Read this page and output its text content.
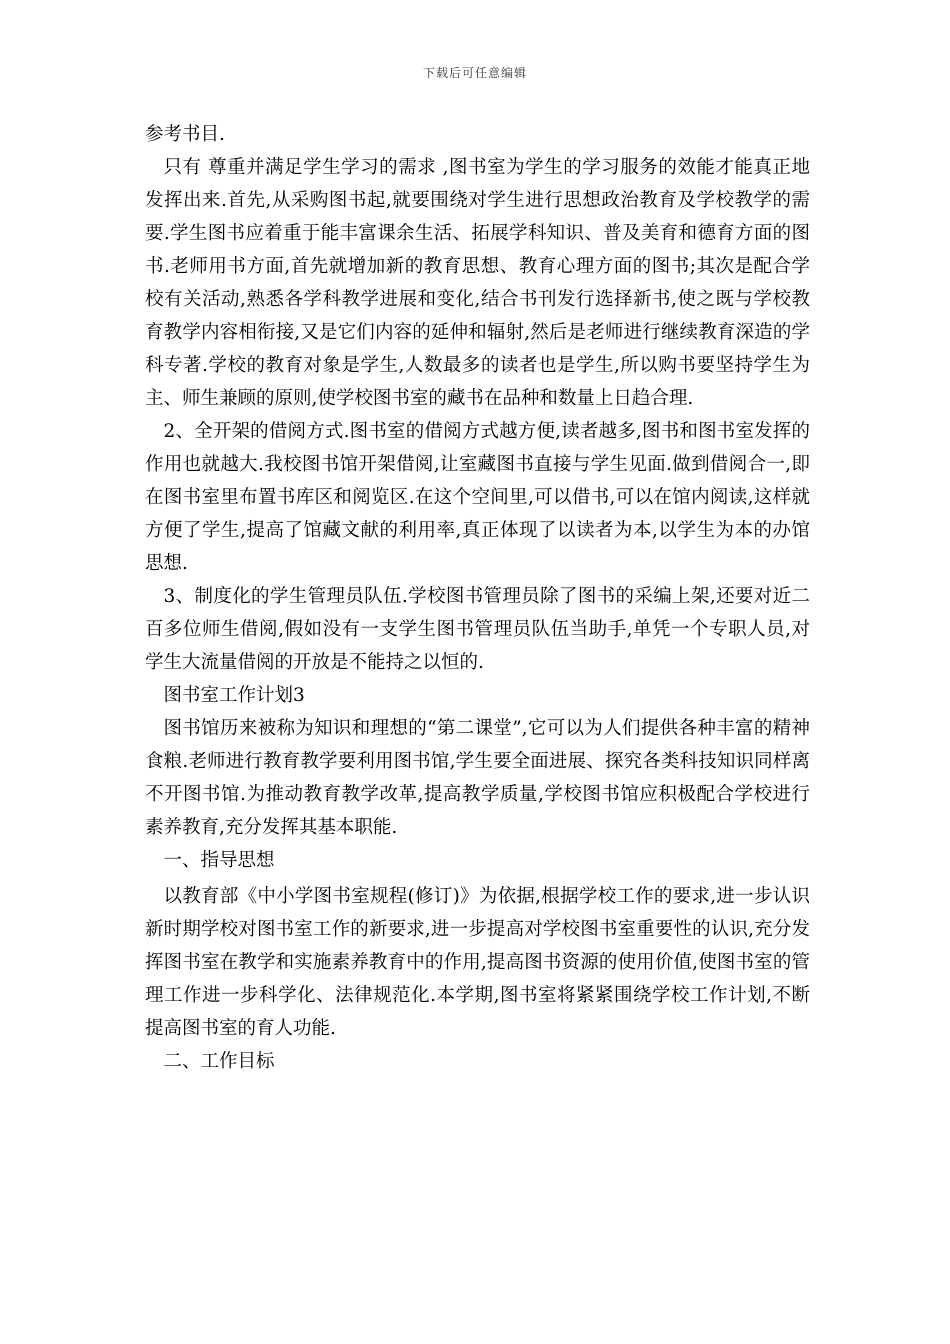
下载后可任意编辑

参考书目.

只有 尊重并满足学生学习的需求 ,图书室为学生的学习服务的效能才能真正地发挥出来.首先,从采购图书起,就要围绕对学生进行思想政治教育及学校教学的需要.学生图书应着重于能丰富课余生活、拓展学科知识、普及美育和德育方面的图书.老师用书方面,首先就增加新的教育思想、教育心理方面的图书;其次是配合学校有关活动,熟悉各学科教学进展和变化,结合书刊发行选择新书,使之既与学校教育教学内容相衔接,又是它们内容的延伸和辐射,然后是老师进行继续教育深造的学科专著.学校的教育对象是学生,人数最多的读者也是学生,所以购书要坚持学生为主、师生兼顾的原则,使学校图书室的藏书在品种和数量上日趋合理.

2、全开架的借阅方式.图书室的借阅方式越方便,读者越多,图书和图书室发挥的作用也就越大.我校图书馆开架借阅,让室藏图书直接与学生见面.做到借阅合一,即在图书室里布置书库区和阅览区.在这个空间里,可以借书,可以在馆内阅读,这样就方便了学生,提高了馆藏文献的利用率,真正体现了以读者为本,以学生为本的办馆思想.

3、制度化的学生管理员队伍.学校图书管理员除了图书的采编上架,还要对近二百多位师生借阅,假如没有一支学生图书管理员队伍当助手,单凭一个专职人员,对学生大流量借阅的开放是不能持之以恒的.

图书室工作计划3

图书馆历来被称为知识和理想的“第二课堂”,它可以为人们提供各种丰富的精神食粮.老师进行教育教学要利用图书馆,学生要全面进展、探究各类科技知识同样离不开图书馆.为推动教育教学改革,提高教学质量,学校图书馆应积极配合学校进行素养教育,充分发挥其基本职能.

一、指导思想

以教育部《中小学图书室规程(修订)》为依据,根据学校工作的要求,进一步认识新时期学校对图书室工作的新要求,进一步提高对学校图书室重要性的认识,充分发挥图书室在教学和实施素养教育中的作用,提高图书资源的使用价值,使图书室的管理工作进一步科学化、法律规范化.本学期,图书室将紧紧围绕学校工作计划,不断提高图书室的育人功能.

二、工作目标
